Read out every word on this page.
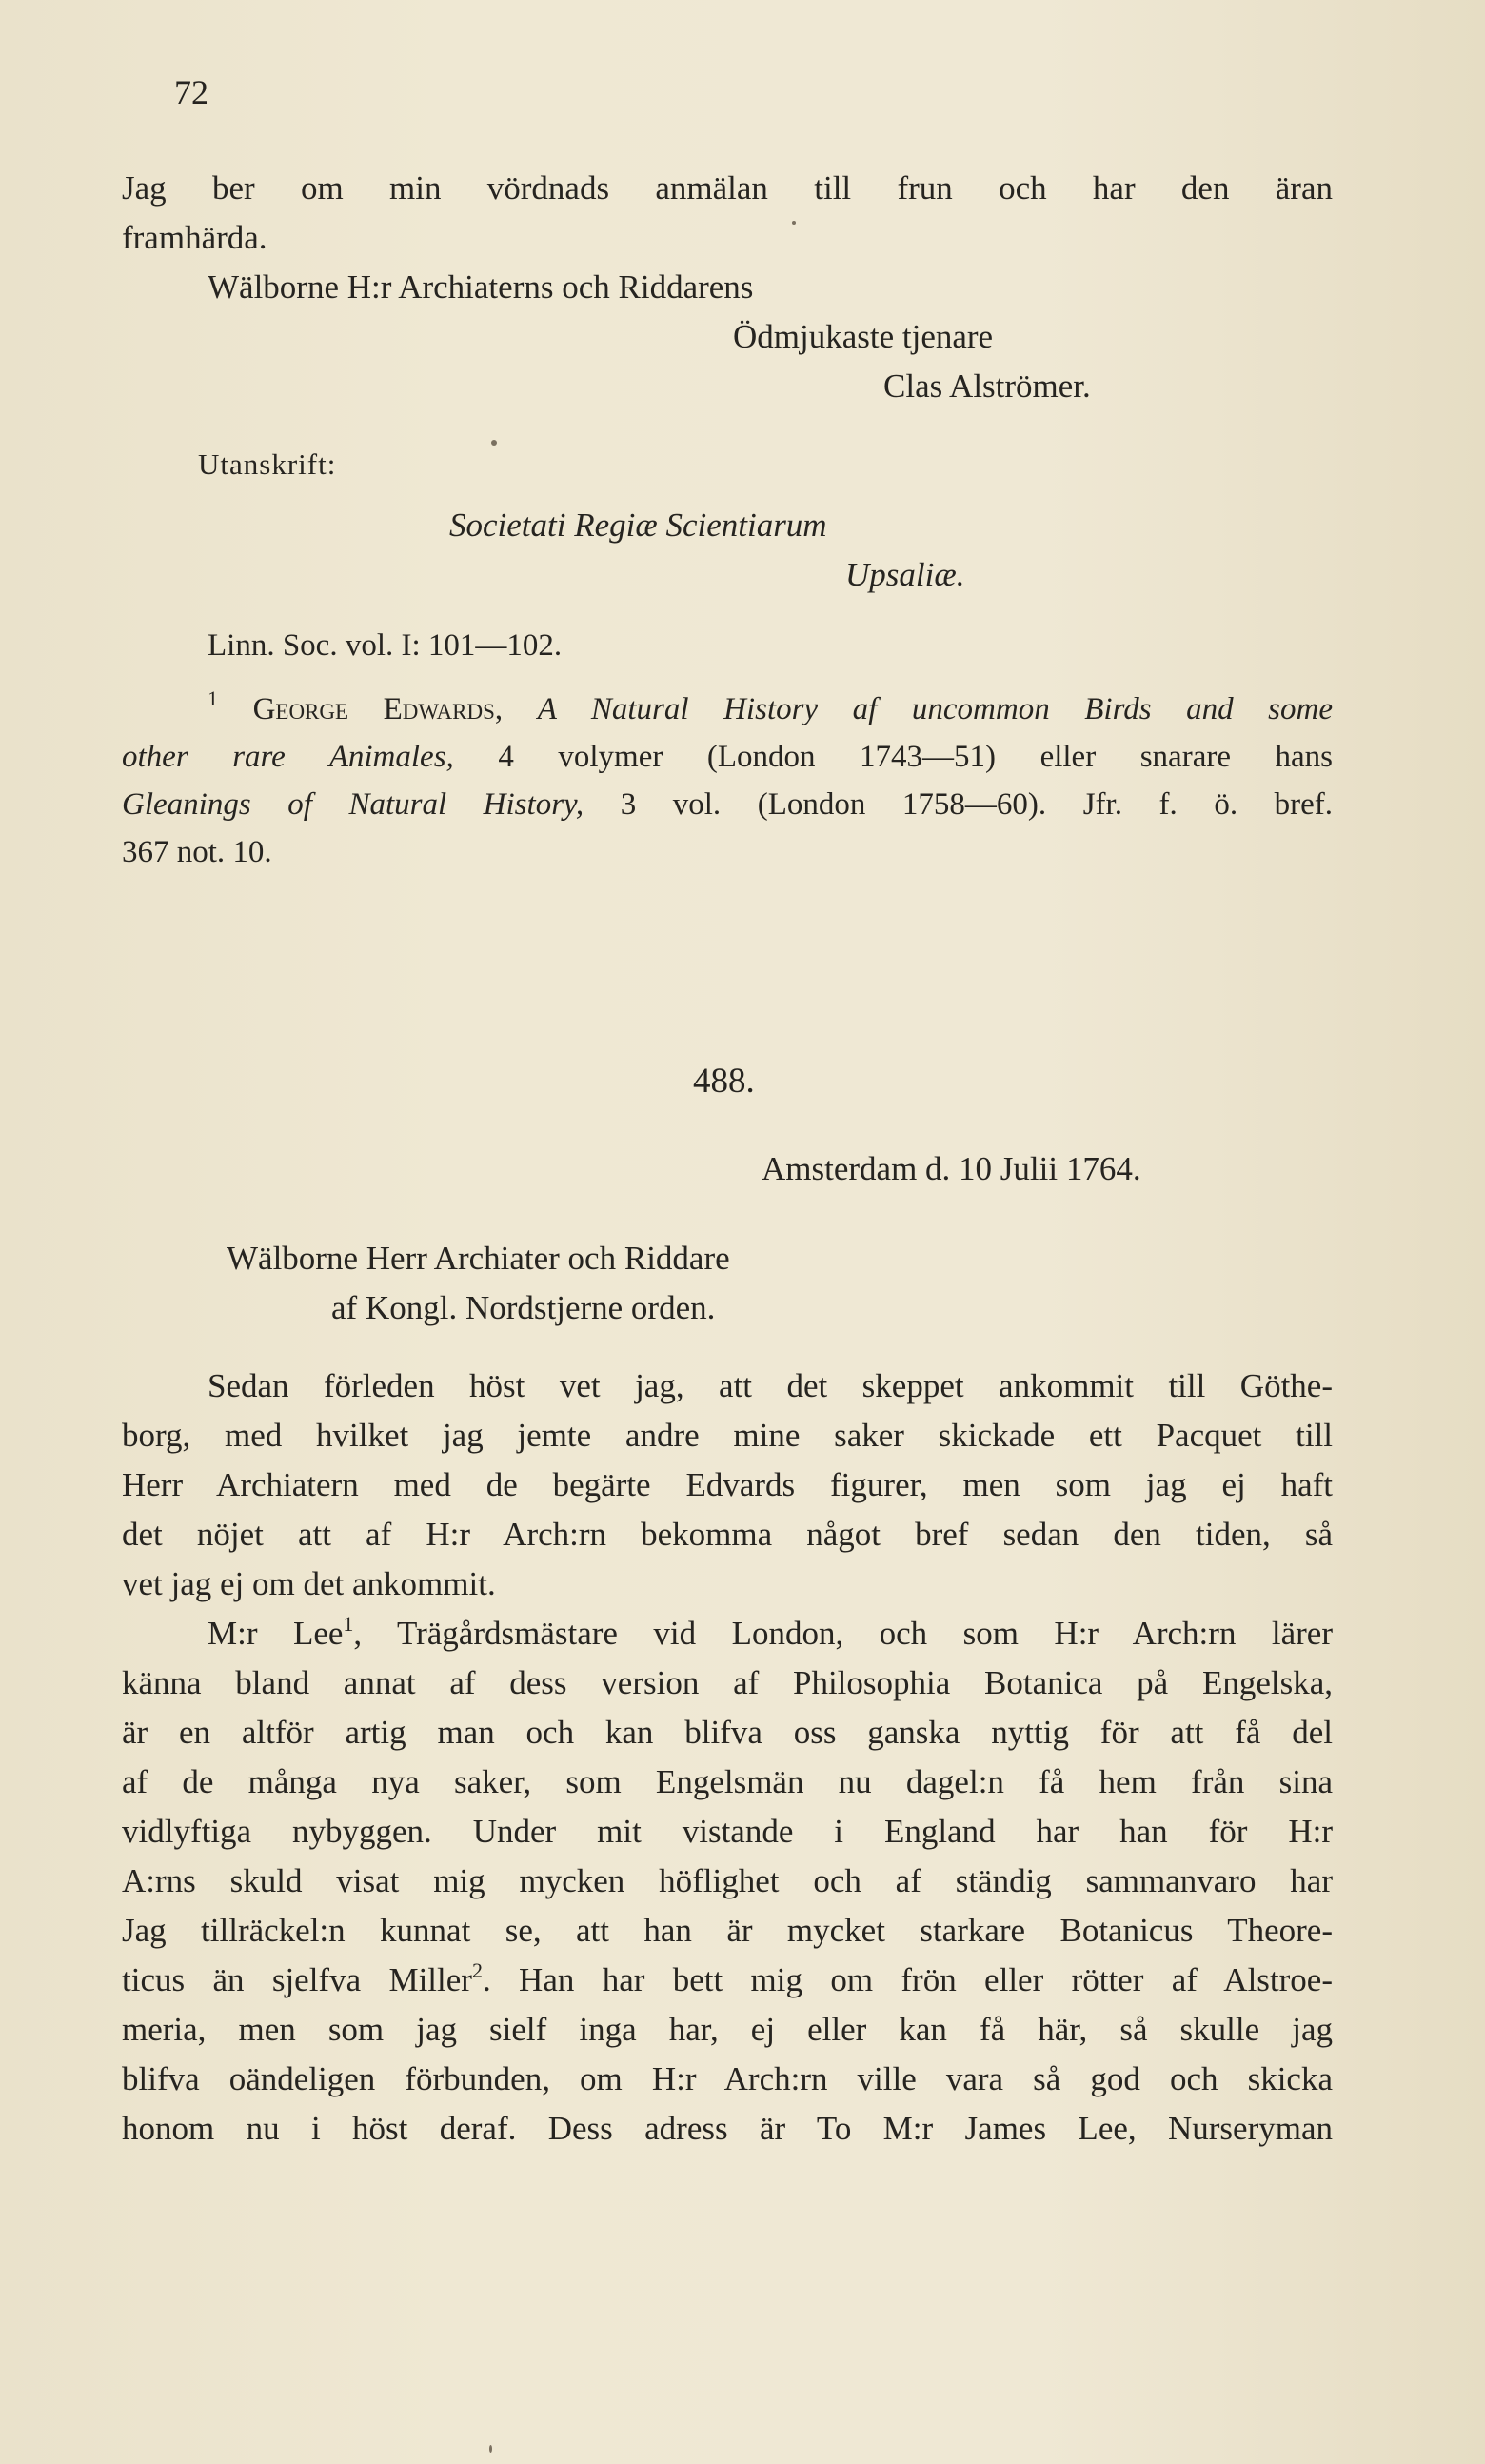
72
Jag ber om min vördnads anmälan till frun och har den äran
framhärda.
Wälborne H:r Archiaterns och Riddarens
Ödmjukaste tjenare
Clas Alströmer.
Utanskrift:
Societati Regiæ Scientiarum
Upsaliæ.
Linn. Soc. vol. I: 101—102.
$^1$ George Edwards, A Natural History af uncommon Birds and some
other rare Animales, 4 volymer (London 1743—51) eller snarare hans
Gleanings of Natural History, 3 vol. (London 1758—60). Jfr. f. ö. bref.
367 not. 10.
488.
Amsterdam d. 10 Julii 1764.
Wälborne Herr Archiater och Riddare
af Kongl. Nordstjerne orden.
Sedan förleden höst vet jag, att det skeppet ankommit till Göthe-
borg, med hvilket jag jemte andre mine saker skickade ett Pacquet till
Herr Archiatern med de begärte Edvards figurer, men som jag ej haft
det nöjet att af H:r Arch:rn bekomma något bref sedan den tiden, så
vet jag ej om det ankommit.
M:r Lee$^1$, Trägårdsmästare vid London, och som H:r Arch:rn lärer
känna bland annat af dess version af Philosophia Botanica på Engelska,
är en altför artig man och kan blifva oss ganska nyttig för att få del
af de många nya saker, som Engelsmän nu dagel:n få hem från sina
vidlyftiga nybyggen. Under mit vistande i England har han för H:r
A:rns skuld visat mig mycken höflighet och af ständig sammanvaro har
Jag tillräckel:n kunnat se, att han är mycket starkare Botanicus Theore-
ticus än sjelfva Miller$^2$. Han har bett mig om frön eller rötter af Alstroe-
meria, men som jag sielf inga har, ej eller kan få här, så skulle jag
blifva oändeligen förbunden, om H:r Arch:rn ville vara så god och skicka
honom nu i höst deraf. Dess adress är To M:r James Lee, Nurseryman
